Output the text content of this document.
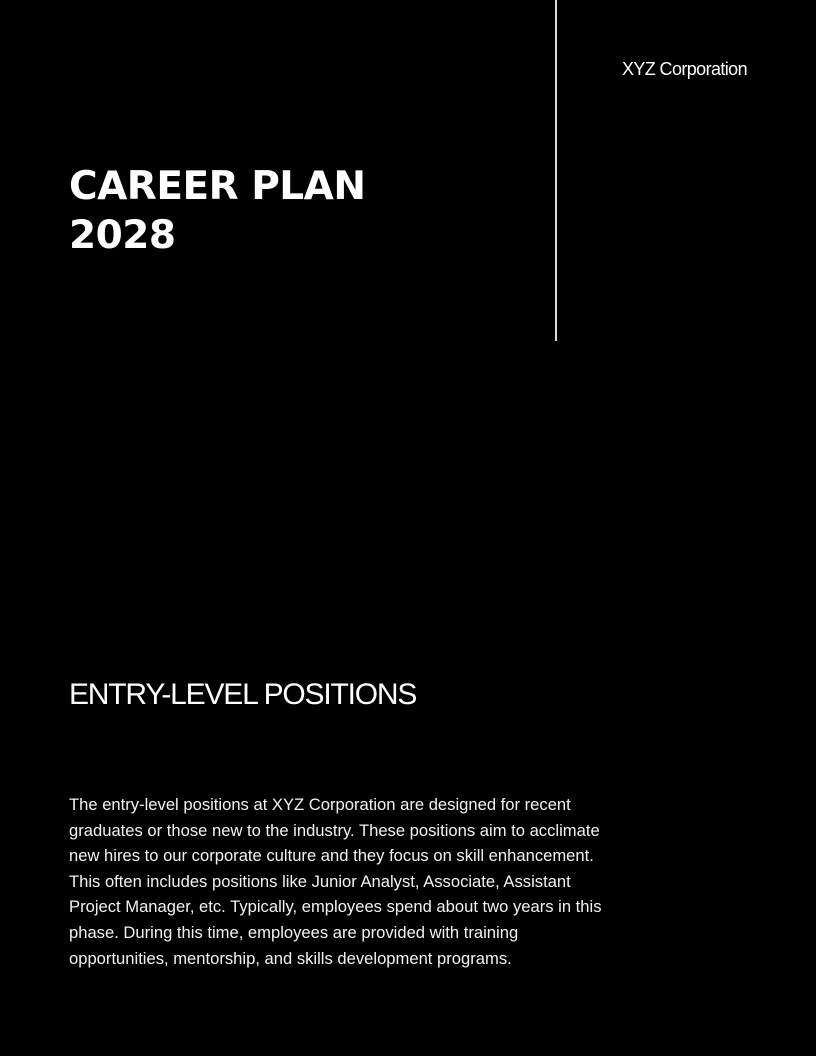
XYZ Corporation
CAREER PLAN
2028
ENTRY-LEVEL POSITIONS

The entry-level positions at XYZ Corporation are designed for recent graduates or those new to the industry. These positions aim to acclimate new hires to our corporate culture and they focus on skill enhancement. This often includes positions like Junior Analyst, Associate, Assistant Project Manager, etc. Typically, employees spend about two years in this phase. During this time, employees are provided with training opportunities, mentorship, and skills development programs.
